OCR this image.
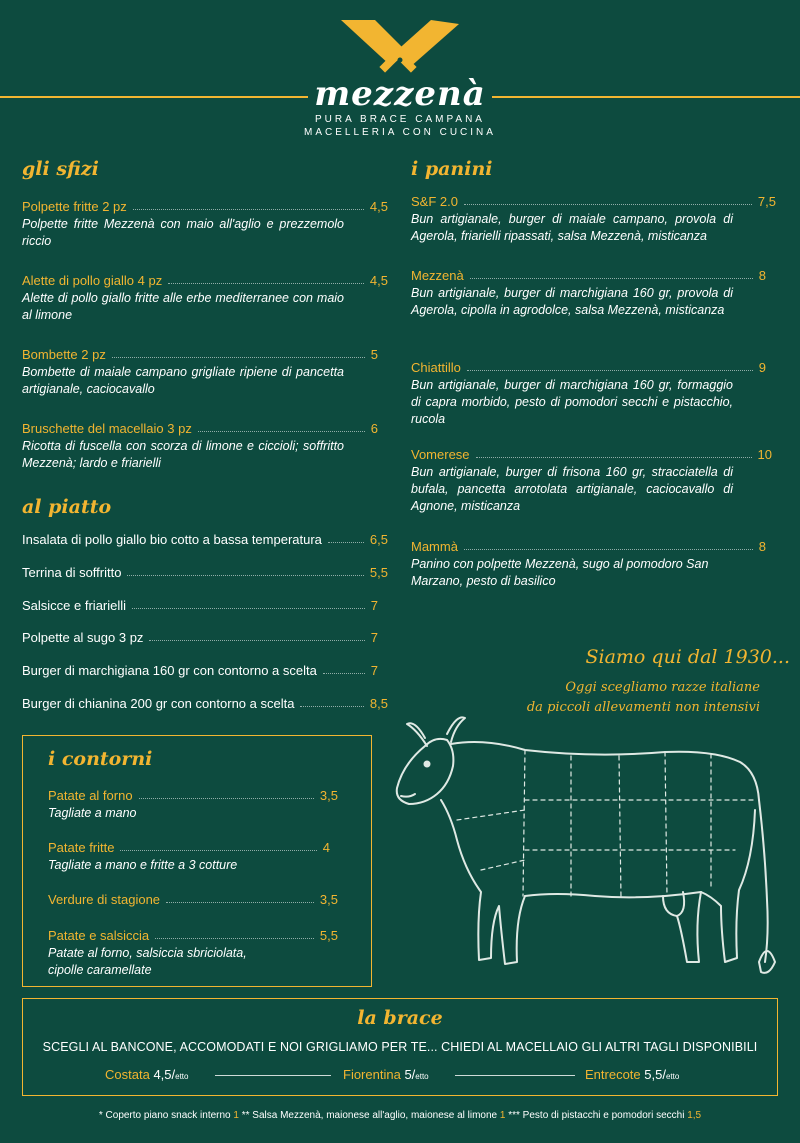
mezzenà
PURA BRACE CAMPANA
MACELLERIA CON CUCINA
gli sfizi
Polpette fritte 2 pz	4,5
Polpette fritte Mezzenà con maio all'aglio e prezzemolo riccio
Alette di pollo giallo 4 pz	4,5
Alette di pollo giallo fritte alle erbe mediterranee con maio al limone
Bombette 2 pz	5
Bombette di maiale campano grigliate ripiene di pancetta artigianale, caciocavallo
Bruschette del macellaio 3 pz	6
Ricotta di fuscella con scorza di limone e ciccioli; soffritto Mezzenà; lardo e friarielli
al piatto
Insalata di pollo giallo bio cotto a bassa temperatura	6,5
Terrina di soffritto	5,5
Salsicce e friarielli	7
Polpette al sugo 3 pz	7
Burger di marchigiana 160 gr con contorno a scelta	7
Burger di chianina 200 gr con contorno a scelta	8,5
i contorni
Patate al forno	3,5
Tagliate a mano
Patate fritte	4
Tagliate a mano e fritte a 3 cotture
Verdure di stagione	3,5
Patate e salsiccia	5,5
Patate al forno, salsiccia sbriciolata, cipolle caramellate
i panini
S&F 2.0	7,5
Bun artigianale, burger di maiale campano, provola di Agerola, friarielli ripassati, salsa Mezzenà, misticanza
Mezzenà	8
Bun artigianale, burger di marchigiana 160 gr, provola di Agerola, cipolla in agrodolce, salsa Mezzenà, misticanza
Chiattillo	9
Bun artigianale, burger di marchigiana 160 gr, formaggio di capra morbido, pesto di pomodori secchi e pistacchio, rucola
Vomerese	10
Bun artigianale, burger di frisona 160 gr, stracciatella di bufala, pancetta arrotolata artigianale, caciocavallo di Agnone, misticanza
Mammà	8
Panino con polpette Mezzenà, sugo al pomodoro San Marzano, pesto di basilico
Siamo qui dal 1930...
Oggi scegliamo razze italiane
da piccoli allevamenti non intensivi
la brace
SCEGLI AL BANCONE, ACCOMODATI E NOI GRIGLIAMO PER TE... CHIEDI AL MACELLAIO GLI ALTRI TAGLI DISPONIBILI
Costata 4,5/etto	Fiorentina 5/etto	Entrecote 5,5/etto
* Coperto piano snack interno 1 ** Salsa Mezzenà, maionese all'aglio, maionese al limone 1 *** Pesto di pistacchi e pomodori secchi 1,5
